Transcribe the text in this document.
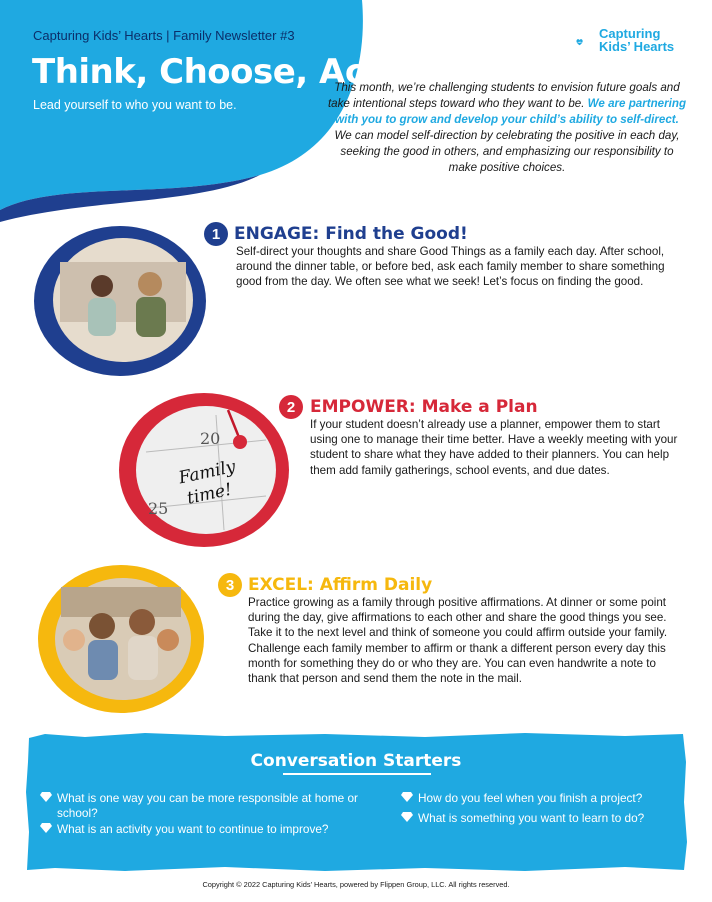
Capturing Kids’ Hearts | Family Newsletter #3
Think, Choose, Act
Lead yourself to who you want to be.
ckh
Capturing
Kids’ Hearts
This month, we’re challenging students to envision future goals and take intentional steps toward who they want to be. We are partnering with you to grow and develop your child’s ability to self-direct. We can model self-direction by celebrating the positive in each day, seeking the good in others, and emphasizing our responsibility to make positive choices.
1 ENGAGE: Find the Good!
Self-direct your thoughts and share Good Things as a family each day. After school, around the dinner table, or before bed, ask each family member to share something good from the day. We often see what we seek! Let’s focus on finding the good.
20
25
Family
time!
2 EMPOWER: Make a Plan
If your student doesn’t already use a planner, empower them to start using one to manage their time better. Have a weekly meeting with your student to share what they have added to their planners. You can help them add family gatherings, school events, and due dates.
3 EXCEL: Affirm Daily
Practice growing as a family through positive affirmations. At dinner or some point during the day, give affirmations to each other and share the good things you see. Take it to the next level and think of someone you could affirm outside your family. Challenge each family member to affirm or thank a different person every day this month for something they do or who they are. You can even handwrite a note to thank that person and send them the note in the mail.
Conversation Starters
What is one way you can be more responsible at home or school?
What is an activity you want to continue to improve?
How do you feel when you finish a project?
What is something you want to learn to do?
Copyright © 2022 Capturing Kids’ Hearts, powered by Flippen Group, LLC. All rights reserved.
